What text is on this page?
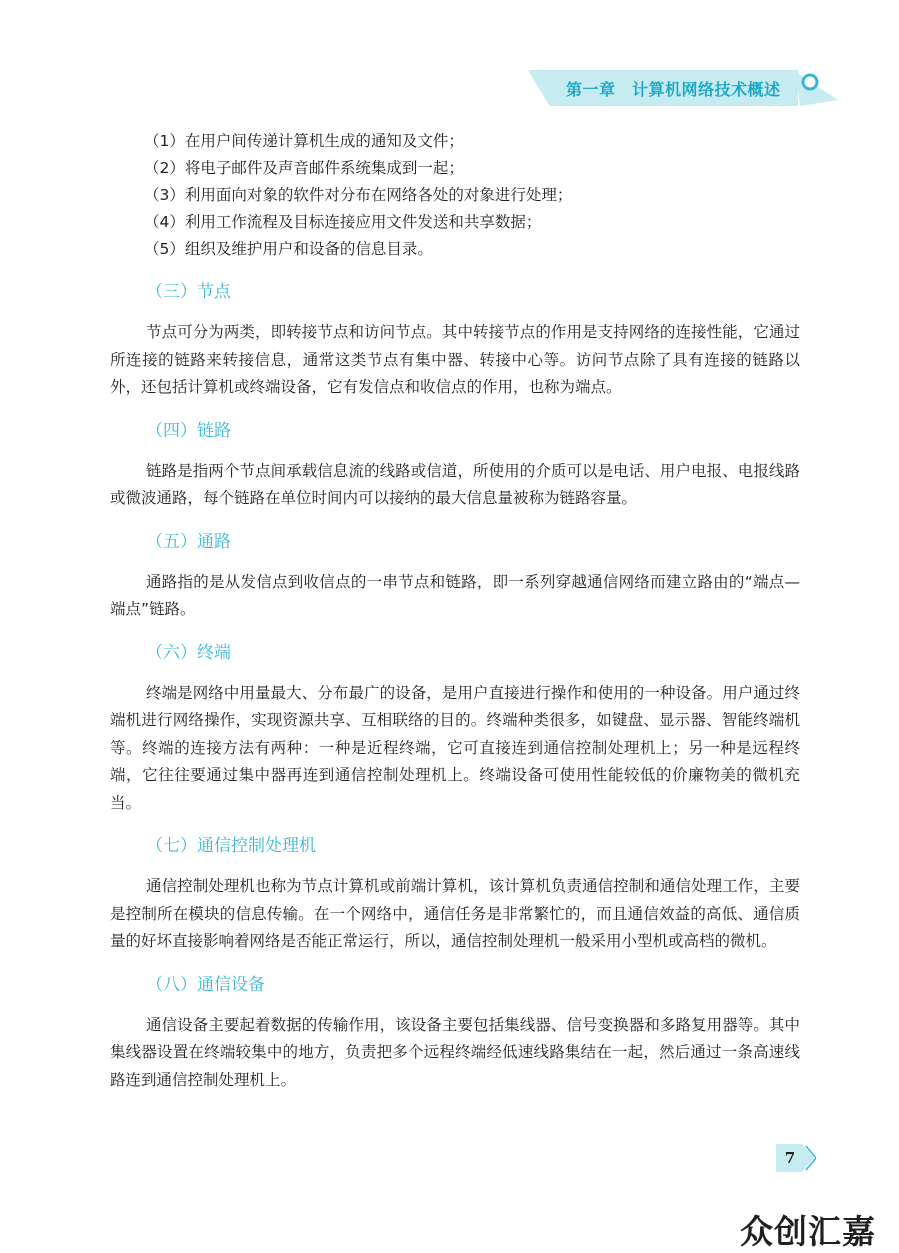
第一章　计算机网络技术概述

（1）在用户间传递计算机生成的通知及文件；

（2）将电子邮件及声音邮件系统集成到一起；

（3）利用面向对象的软件对分布在网络各处的对象进行处理；

（4）利用工作流程及目标连接应用文件发送和共享数据；

（5）组织及维护用户和设备的信息目录。

（三）节点

节点可分为两类，即转接节点和访问节点。其中转接节点的作用是支持网络的连接性能，它通过所连接的链路来转接信息，通常这类节点有集中器、转接中心等。访问节点除了具有连接的链路以外，还包括计算机或终端设备，它有发信点和收信点的作用，也称为端点。

（四）链路

链路是指两个节点间承载信息流的线路或信道，所使用的介质可以是电话、用户电报、电报线路或微波通路，每个链路在单位时间内可以接纳的最大信息量被称为链路容量。

（五）通路

通路指的是从发信点到收信点的一串节点和链路，即一系列穿越通信网络而建立路由的“端点—端点”链路。

（六）终端

终端是网络中用量最大、分布最广的设备，是用户直接进行操作和使用的一种设备。用户通过终端机进行网络操作，实现资源共享、互相联络的目的。终端种类很多，如键盘、显示器、智能终端机等。终端的连接方法有两种：一种是近程终端，它可直接连到通信控制处理机上；另一种是远程终端，它往往要通过集中器再连到通信控制处理机上。终端设备可使用性能较低的价廉物美的微机充当。

（七）通信控制处理机

通信控制处理机也称为节点计算机或前端计算机，该计算机负责通信控制和通信处理工作，主要是控制所在模块的信息传输。在一个网络中，通信任务是非常繁忙的，而且通信效益的高低、通信质量的好坏直接影响着网络是否能正常运行，所以，通信控制处理机一般采用小型机或高档的微机。

（八）通信设备

通信设备主要起着数据的传输作用，该设备主要包括集线器、信号变换器和多路复用器等。其中集线器设置在终端较集中的地方，负责把多个远程终端经低速线路集结在一起，然后通过一条高速线路连到通信控制处理机上。

7
众创汇嘉
